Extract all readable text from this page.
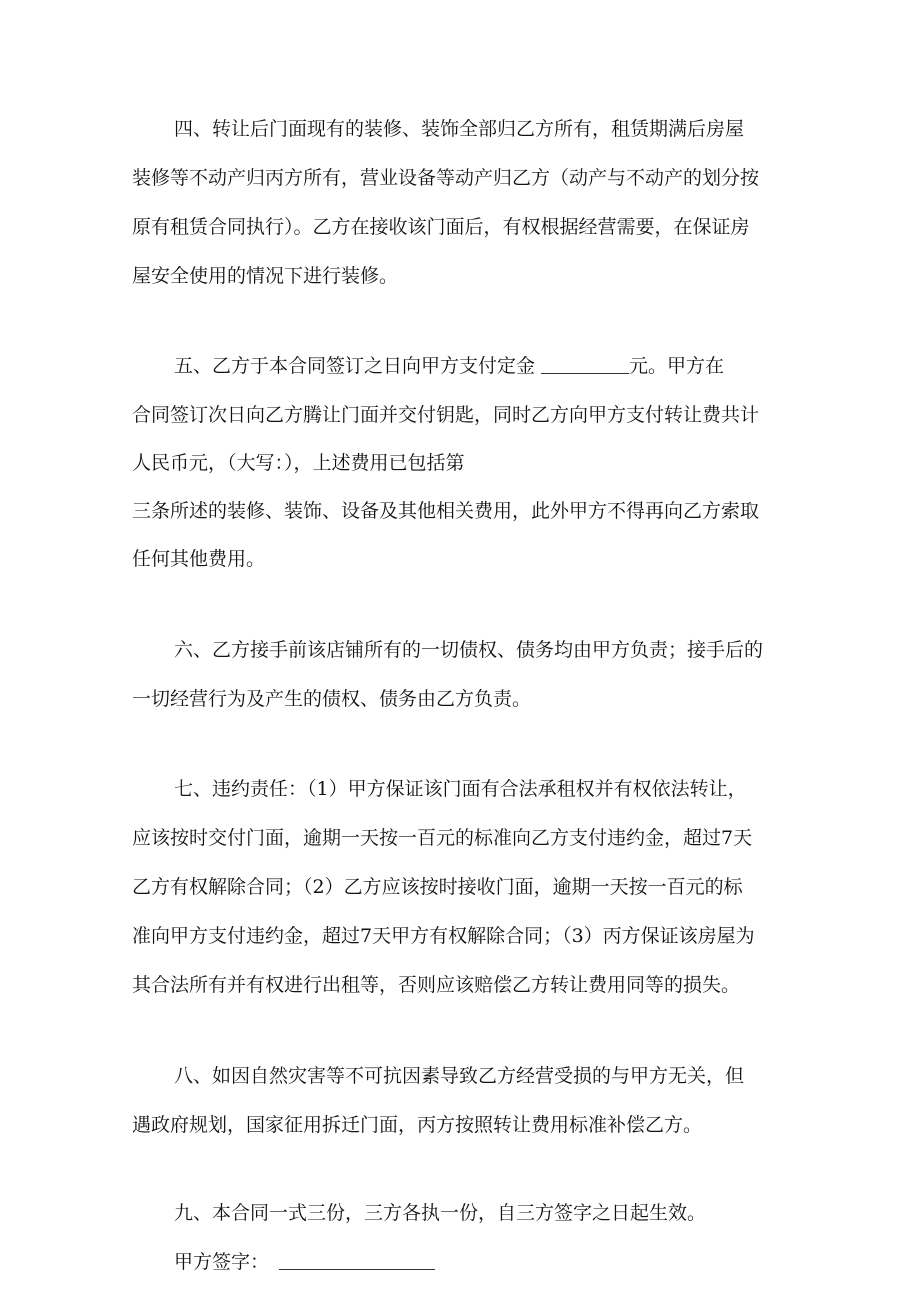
四、转让后门面现有的装修、装饰全部归乙方所有，租赁期满后房屋
装修等不动产归丙方所有，营业设备等动产归乙方（动产与不动产的划分按
原有租赁合同执行）。乙方在接收该门面后，有权根据经营需要，在保证房
屋安全使用的情况下进行装修。
五、乙方于本合同签订之日向甲方支付定金	元。甲方在
合同签订次日向乙方腾让门面并交付钥匙，同时乙方向甲方支付转让费共计
人民币元，（大写：），上述费用已包括第
三条所述的装修、装饰、设备及其他相关费用，此外甲方不得再向乙方索取
任何其他费用。
六、乙方接手前该店铺所有的一切债权、债务均由甲方负责；接手后的
一切经营行为及产生的债权、债务由乙方负责。
七、违约责任：（1）甲方保证该门面有合法承租权并有权依法转让，
应该按时交付门面，逾期一天按一百元的标准向乙方支付违约金，超过7天
乙方有权解除合同；（2）乙方应该按时接收门面，逾期一天按一百元的标
准向甲方支付违约金，超过7天甲方有权解除合同；（3）丙方保证该房屋为
其合法所有并有权进行出租等，否则应该赔偿乙方转让费用同等的损失。
八、如因自然灾害等不可抗因素导致乙方经营受损的与甲方无关，但
遇政府规划，国家征用拆迁门面，丙方按照转让费用标准补偿乙方。
九、本合同一式三份，三方各执一份，自三方签字之日起生效。
甲方签字：
